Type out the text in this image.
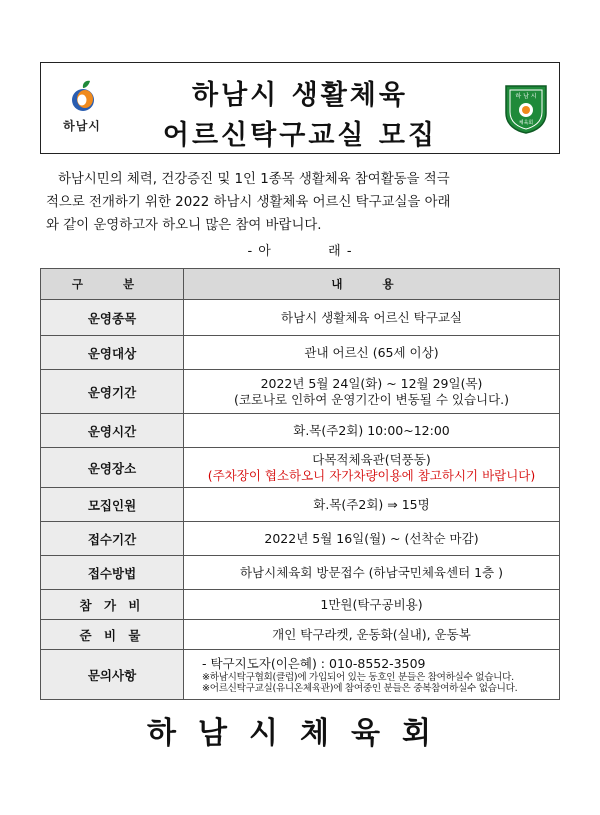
하남시
하남시 생활체육
어르신탁구교실 모집
하 남 시
체육회
하남시민의 체력, 건강증진 및 1인 1종목 생활체육 참여활동을 적극
적으로 전개하기 위한 2022 하남시 생활체육 어르신 탁구교실을 아래
와 같이 운영하고자 하오니 많은 참여 바랍니다.
- 아	래 -
구 분	내 용
운영종목	하남시 생활체육 어르신 탁구교실
운영대상	관내 어르신 (65세 이상)
운영기간	2022년 5월 24일(화) ~ 12월 29일(목)
(코로나로 인하여 운영기간이 변동될 수 있습니다.)

운영시간	화.목(주2회) 10:00~12:00
운영장소	다목적체육관(덕풍동)
(주차장이 협소하오니 자가차량이용에 참고하시기 바랍니다)

모집인원	화.목(주2회) ⇒ 15명
접수기간	2022년 5월 16일(월) ~ (선착순 마감)
접수방법	하남시체육회 방문접수 (하남국민체육센터 1층 )
참 가 비	1만원(탁구공비용)
준 비 물	개인 탁구라켓, 운동화(실내), 운동복
문의사항	- 탁구지도자(이은혜) : 010-8552-3509
※하남시탁구협회(클럽)에 가입되어 있는 동호인 분들은 참여하실수 없습니다.
※어르신탁구교실(유니온체육관)에 참여중인 분들은 중복참여하실수 없습니다.
하남시체육회
